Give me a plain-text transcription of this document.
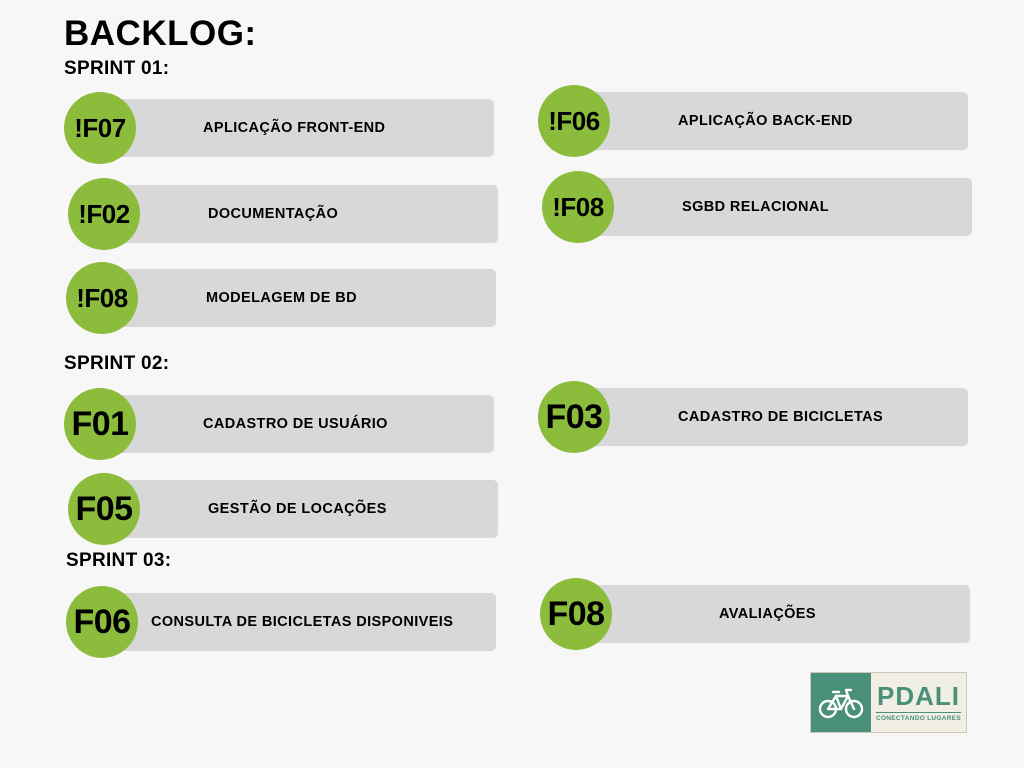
BACKLOG:
SPRINT 01:
APLICAÇÃO FRONT-END
!F07	APLICAÇÃO BACK-END
!F06
DOCUMENTAÇÃO
!F02	SGBD RELACIONAL
!F08
MODELAGEM DE BD
!F08
SPRINT 02:
CADASTRO DE USUÁRIO
F01	CADASTRO DE BICICLETAS
F03
GESTÃO DE LOCAÇÕES
F05
SPRINT 03:
CONSULTA DE BICICLETAS DISPONIVEIS
F06	AVALIAÇÕES
F08
PDALI
CONECTANDO LUGARES
